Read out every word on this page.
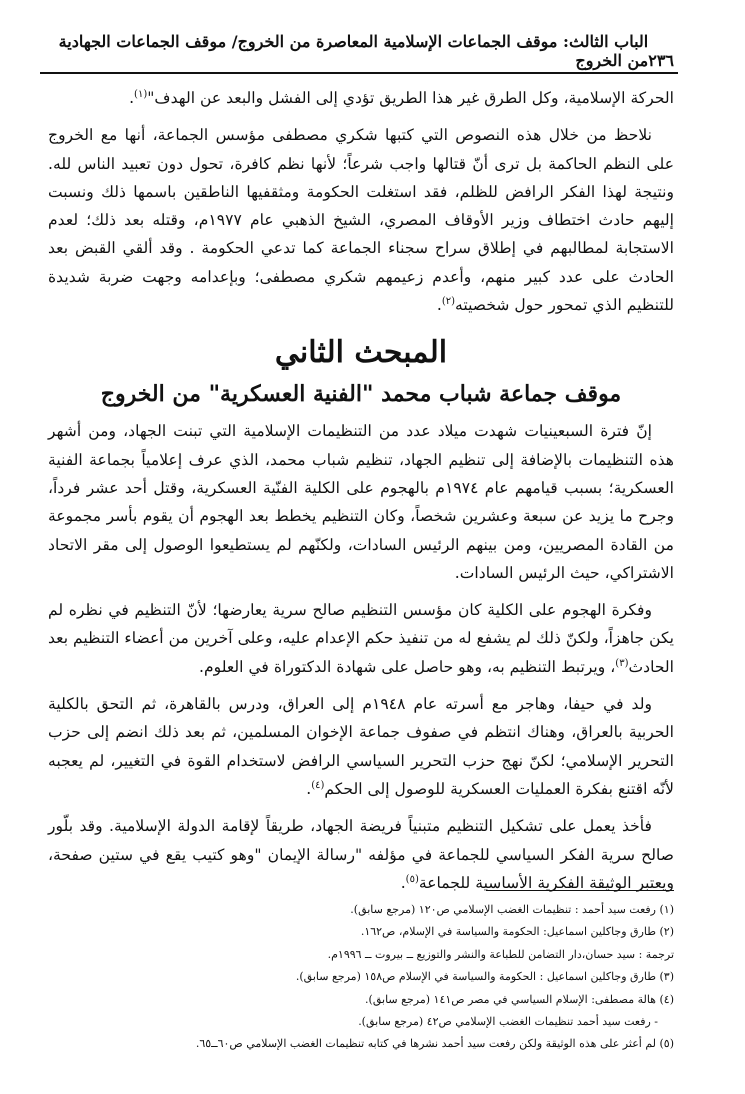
٢٣٦
الباب الثالث: موقف الجماعات الإسلامية المعاصرة من الخروج/ موقف الجماعات الجهادية من الخروج

الحركة الإسلامية، وكل الطرق غير هذا الطريق تؤدي إلى الفشل والبعد عن الهدف"$^{(١)}$.

نلاحظ من خلال هذه النصوص التي كتبها شكري مصطفى مؤسس الجماعة، أنها مع الخروج على النظم الحاكمة بل ترى أنّ قتالها واجب شرعاً؛ لأنها نظم كافرة، تحول دون تعبيد الناس لله. ونتيجة لهذا الفكر الرافض للظلم، فقد استغلت الحكومة ومثقفيها الناطقين باسمها ذلك ونسبت إليهم حادث اختطاف وزير الأوقاف المصري، الشيخ الذهبي عام ١٩٧٧م، وقتله بعد ذلك؛ لعدم الاستجابة لمطالبهم في إطلاق سراح سجناء الجماعة كما تدعي الحكومة . وقد ألقي القبض بعد الحادث على عدد كبير منهم، وأعدم زعيمهم شكري مصطفى؛ وبإعدامه وجهت ضربة شديدة للتنظيم الذي تمحور حول شخصيته$^{(٢)}$.

المبحث الثاني
موقف جماعة شباب محمد "الفنية العسكرية" من الخروج

إنّ فترة السبعينيات شهدت ميلاد عدد من التنظيمات الإسلامية التي تبنت الجهاد، ومن أشهر هذه التنظيمات بالإضافة إلى تنظيم الجهاد، تنظيم شباب محمد، الذي عرف إعلامياً بجماعة الفنية العسكرية؛ بسبب قيامهم عام ١٩٧٤م بالهجوم على الكلية الفنّية العسكرية، وقتل أحد عشر فرداً، وجرح ما يزيد عن سبعة وعشرين شخصاً، وكان التنظيم يخطط بعد الهجوم أن يقوم بأسر مجموعة من القادة المصريين، ومن بينهم الرئيس السادات، ولكنّهم لم يستطيعوا الوصول إلى مقر الاتحاد الاشتراكي، حيث الرئيس السادات.

وفكرة الهجوم على الكلية كان مؤسس التنظيم صالح سرية يعارضها؛ لأنّ التنظيم في نظره لم يكن جاهزاً، ولكنّ ذلك لم يشفع له من تنفيذ حكم الإعدام عليه، وعلى آخرين من أعضاء التنظيم بعد الحادث$^{(٣)}$، ويرتبط التنظيم به، وهو حاصل على شهادة الدكتوراة في العلوم.

ولد في حيفا، وهاجر مع أسرته عام ١٩٤٨م إلى العراق، ودرس بالقاهرة، ثم التحق بالكلية الحربية بالعراق، وهناك انتظم في صفوف جماعة الإخوان المسلمين، ثم بعد ذلك انضم إلى حزب التحرير الإسلامي؛ لكنّ نهج حزب التحرير السياسي الرافض لاستخدام القوة في التغيير، لم يعجبه لأنّه اقتنع بفكرة العمليات العسكرية للوصول إلى الحكم$^{(٤)}$.

فأخذ يعمل على تشكيل التنظيم متبنياً فريضة الجهاد، طريقاً لإقامة الدولة الإسلامية. وقد بلّور صالح سرية الفكر السياسي للجماعة في مؤلفه "رسالة الإيمان "وهو كتيب يقع في ستين صفحة، ويعتبر الوثيقة الفكرية الأساسية للجماعة$^{(٥)}$.

(١) رفعت سيد أحمد : تنظيمات الغضب الإسلامي ص١٢٠ (مرجع سابق).
(٢) طارق وجاكلين اسماعيل: الحكومة والسياسة في الإسلام، ص١٦٢.
ترجمة : سيد حسان،دار التضامن للطباعة والنشر والتوزيع ــ بيروت ــ ١٩٩٦م.
(٣) طارق وجاكلين اسماعيل : الحكومة والسياسة في الإسلام ص١٥٨ (مرجع سابق).
(٤) هالة مصطفى: الإسلام السياسي في مصر ص١٤١ (مرجع سابق).
- رفعت سيد أحمد تنظيمات الغضب الإسلامي ص٤٢ (مرجع سابق).
(٥) لم أعثر على هذه الوثيقة ولكن رفعت سيد أحمد نشرها في كتابه تنظيمات الغضب الإسلامي ص٦٠ــ٦٥.
